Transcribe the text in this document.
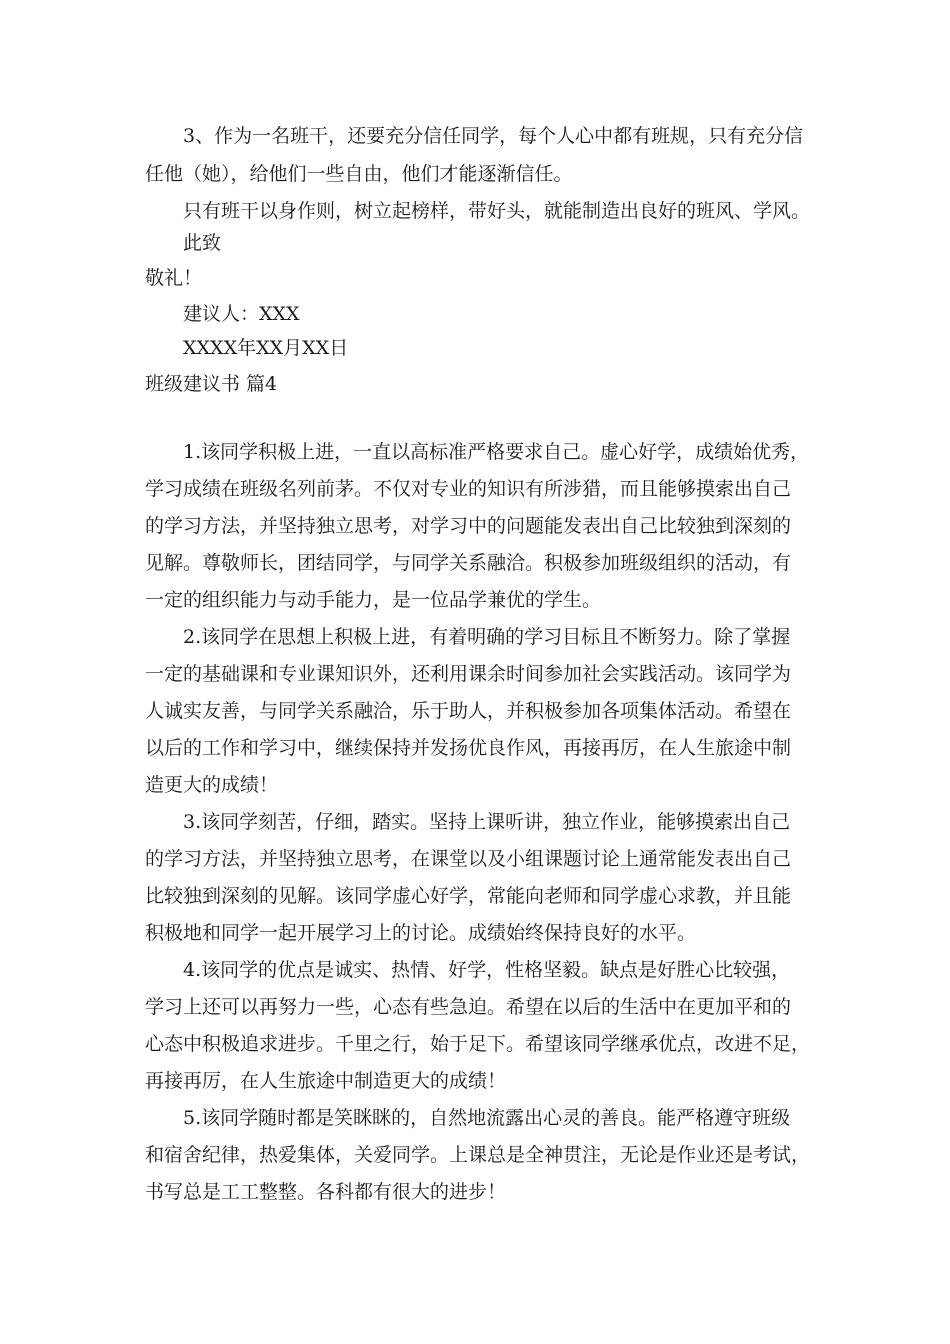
3、作为一名班干，还要充分信任同学，每个人心中都有班规，只有充分信
任他（她），给他们一些自由，他们才能逐渐信任。
只有班干以身作则，树立起榜样，带好头，就能制造出良好的班风、学风。
此致
敬礼！
建议人：XXX
XXXX年XX月XX日
班级建议书 篇4
1.该同学积极上进，一直以高标准严格要求自己。虚心好学，成绩始优秀，
学习成绩在班级名列前茅。不仅对专业的知识有所涉猎，而且能够摸索出自己
的学习方法，并坚持独立思考，对学习中的问题能发表出自己比较独到深刻的
见解。尊敬师长，团结同学，与同学关系融洽。积极参加班级组织的活动，有
一定的组织能力与动手能力，是一位品学兼优的学生。
2.该同学在思想上积极上进，有着明确的学习目标且不断努力。除了掌握
一定的基础课和专业课知识外，还利用课余时间参加社会实践活动。该同学为
人诚实友善，与同学关系融洽，乐于助人，并积极参加各项集体活动。希望在
以后的工作和学习中，继续保持并发扬优良作风，再接再厉，在人生旅途中制
造更大的成绩！
3.该同学刻苦，仔细，踏实。坚持上课听讲，独立作业，能够摸索出自己
的学习方法，并坚持独立思考，在课堂以及小组课题讨论上通常能发表出自己
比较独到深刻的见解。该同学虚心好学，常能向老师和同学虚心求教，并且能
积极地和同学一起开展学习上的讨论。成绩始终保持良好的水平。
4.该同学的优点是诚实、热情、好学，性格坚毅。缺点是好胜心比较强，
学习上还可以再努力一些，心态有些急迫。希望在以后的生活中在更加平和的
心态中积极追求进步。千里之行，始于足下。希望该同学继承优点，改进不足，
再接再厉，在人生旅途中制造更大的成绩！
5.该同学随时都是笑眯眯的，自然地流露出心灵的善良。能严格遵守班级
和宿舍纪律，热爱集体，关爱同学。上课总是全神贯注，无论是作业还是考试，
书写总是工工整整。各科都有很大的进步！
